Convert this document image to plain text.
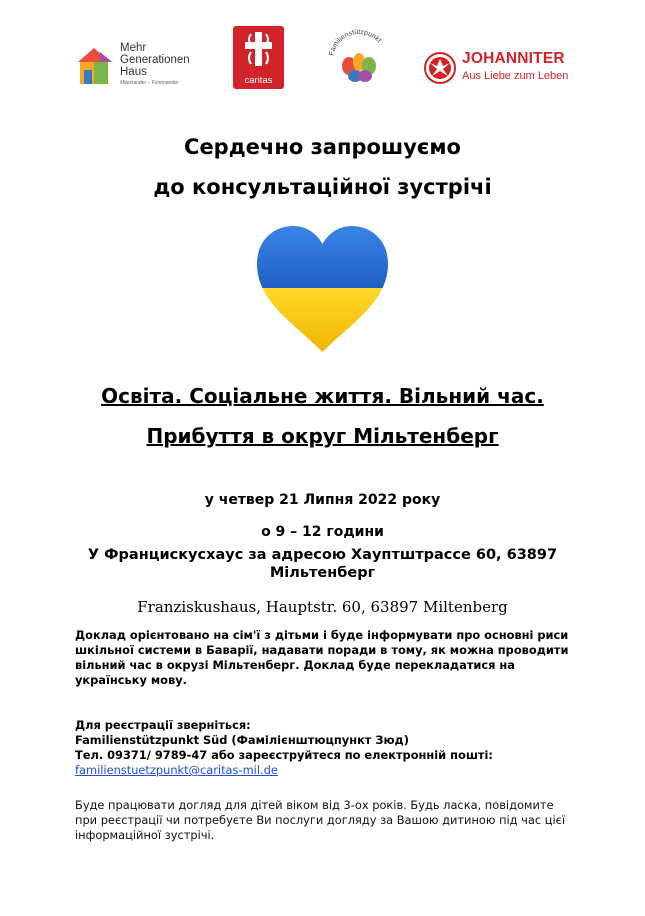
Mehr
Generationen
Haus
Miteinander – Füreinander	caritas
Familienstützpunkt
JOHANNITER
Aus Liebe zum Leben
Сердечно запрошуємо
до консультаційної зустрічі
Освіта. Соціальне життя. Вільний час.
Прибуття в округ Мільтенберг
у четвер 21 Липня 2022 року
о 9 – 12 години
У Францискусхаус за адресою Хауптштрассе 60, 63897 Мільтенберг
Franziskushaus, Hauptstr. 60, 63897 Miltenberg
Доклад орієнтовано на сім'ї з дітьми і буде інформувати про основні риси шкільної системи в Баварії, надавати поради в тому, як можна проводити вільний час в окрузі Мільтенберг. Доклад буде перекладатися на українську мову.
Для реєстрації зверніться:
Familienstützpunkt Süd (Фамілієнштюцпункт Зюд)
Тел. 09371/ 9789-47 або зареєструйтеся по електронній пошті:
familienstuetzpunkt@caritas-mil.de
Буде працювати догляд для дітей віком від 3-ох років. Будь ласка, повідомите при реєстрації чи потребуєте Ви послуги догляду за Вашою дитиною під час цієї інформаційної зустрічі.
